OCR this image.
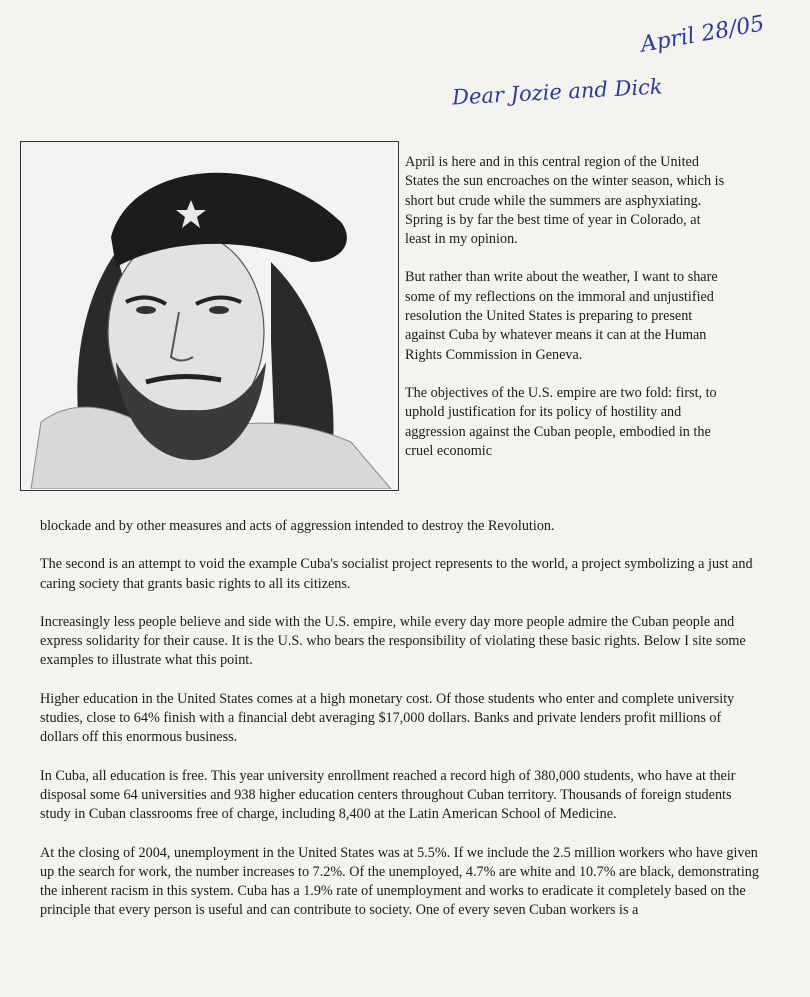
April 28/05
Dear Jozie and Dick

April is here and in this central region of the United States the sun encroaches on the winter season, which is short but crude while the summers are asphyxiating. Spring is by far the best time of year in Colorado, at least in my opinion.

But rather than write about the weather, I want to share some of my reflections on the immoral and unjustified resolution the United States is preparing to present against Cuba by whatever means it can at the Human Rights Commission in Geneva.

The objectives of the U.S. empire are two fold: first, to uphold justification for its policy of hostility and aggression against the Cuban people, embodied in the cruel economic

blockade and by other measures and acts of aggression intended to destroy the Revolution.

The second is an attempt to void the example Cuba's socialist project represents to the world, a project symbolizing a just and caring society that grants basic rights to all its citizens.

Increasingly less people believe and side with the U.S. empire, while every day more people admire the Cuban people and express solidarity for their cause. It is the U.S. who bears the responsibility of violating these basic rights. Below I site some examples to illustrate what this point.

Higher education in the United States comes at a high monetary cost. Of those students who enter and complete university studies, close to 64% finish with a financial debt averaging $17,000 dollars. Banks and private lenders profit millions of dollars off this enormous business.

In Cuba, all education is free. This year university enrollment reached a record high of 380,000 students, who have at their disposal some 64 universities and 938 higher education centers throughout Cuban territory. Thousands of foreign students study in Cuban classrooms free of charge, including 8,400 at the Latin American School of Medicine.

At the closing of 2004, unemployment in the United States was at 5.5%. If we include the 2.5 million workers who have given up the search for work, the number increases to 7.2%. Of the unemployed, 4.7% are white and 10.7% are black, demonstrating the inherent racism in this system. Cuba has a 1.9% rate of unemployment and works to eradicate it completely based on the principle that every person is useful and can contribute to society. One of every seven Cuban workers is a
